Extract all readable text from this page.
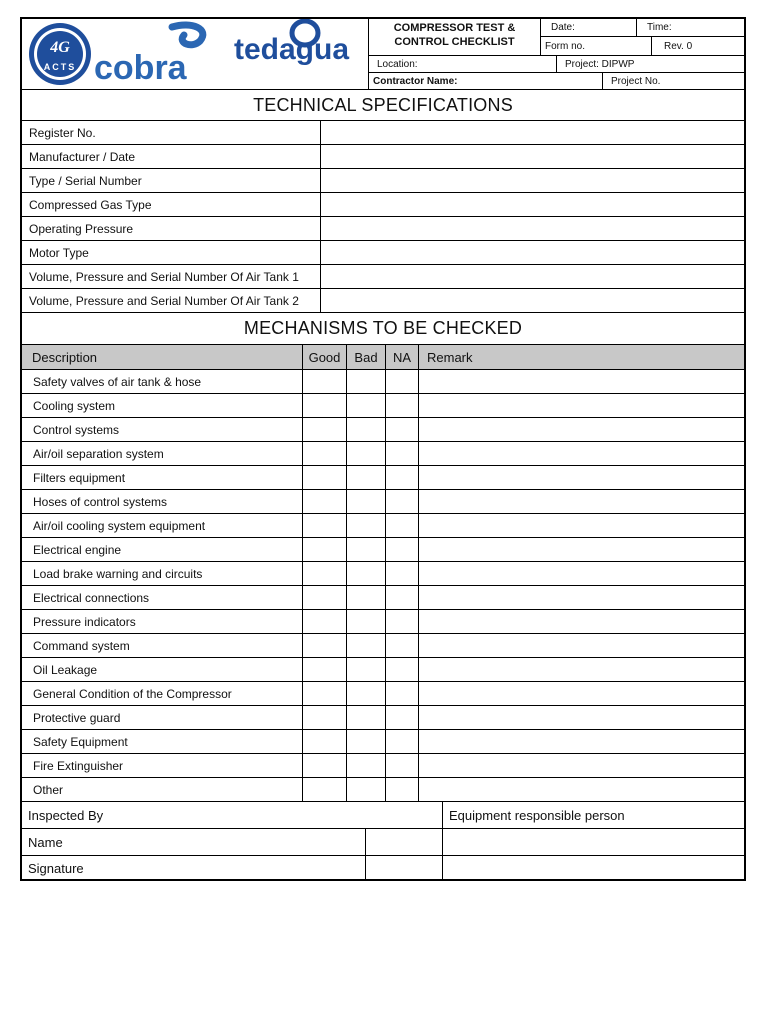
4G
ACTS cobra tedagua
COMPRESSOR TEST &
CONTROL CHECKLIST
Date:	Time:
Form no.	Rev. 0
Location:	Project: DIPWP
Contractor Name:	Project No.
TECHNICAL SPECIFICATIONS
Register No.
Manufacturer / Date
Type / Serial Number
Compressed Gas Type
Operating Pressure
Motor Type
Volume, Pressure and Serial Number Of Air Tank 1
Volume, Pressure and Serial Number Of Air Tank 2
MECHANISMS TO BE CHECKED
Description	Good	Bad	NA	Remark
Safety valves of air tank & hose
Cooling system
Control systems
Air/oil separation system
Filters equipment
Hoses of control systems
Air/oil cooling system equipment
Electrical engine
Load brake warning and circuits
Electrical connections
Pressure indicators
Command system
Oil Leakage
General Condition of the Compressor
Protective guard
Safety Equipment
Fire Extinguisher
Other
Inspected By	Equipment responsible person
Name
Signature
